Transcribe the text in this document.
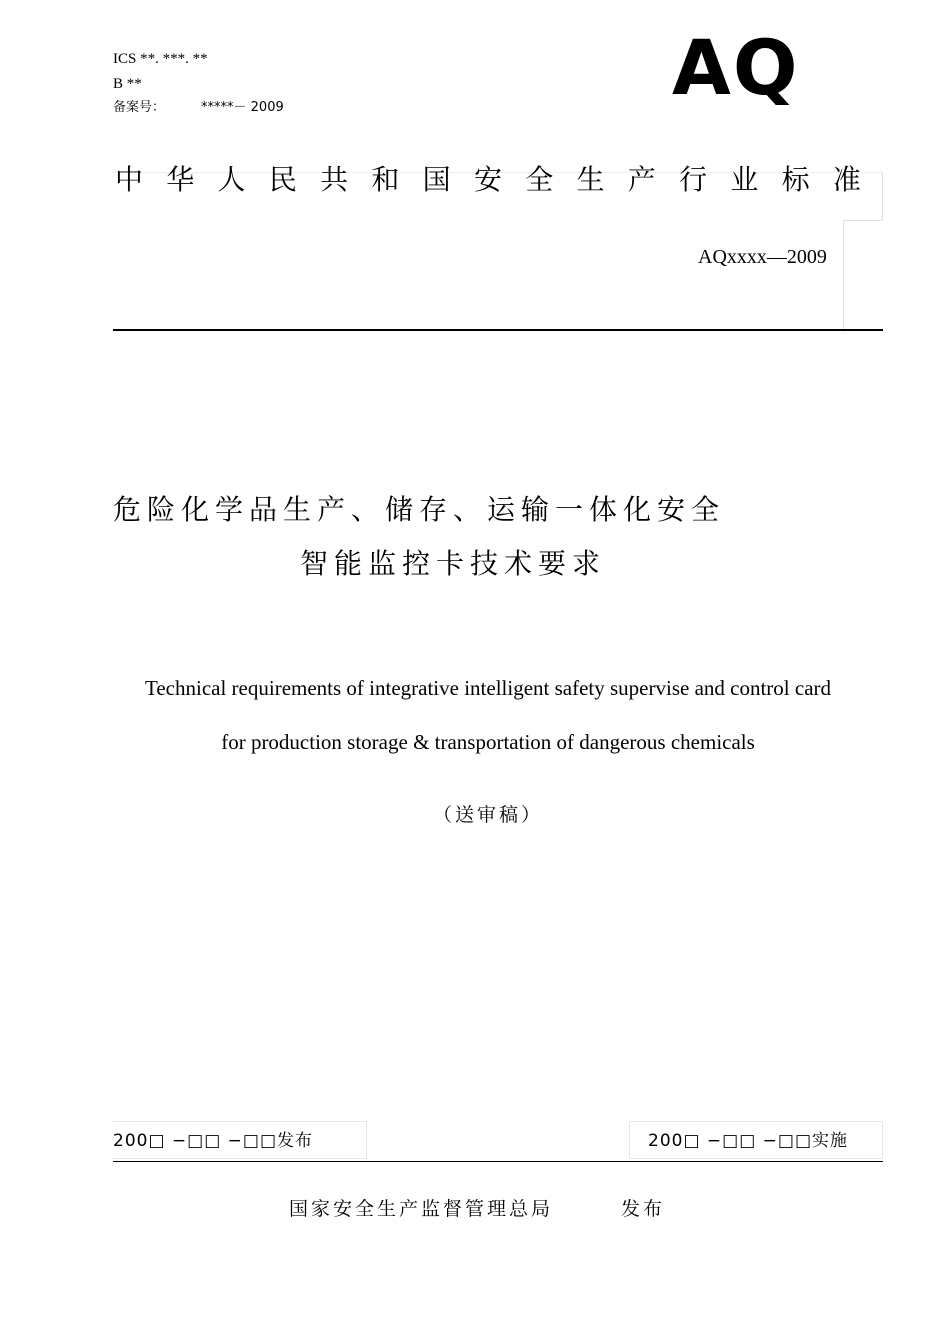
ICS **. ***. **
B **
备案号：	*****－ 2009	AQ
中 华 人 民 共 和 国 安 全 生 产 行 业 标 准
AQxxxx—2009
危险化学品生产、储存、运输一体化安全
智能监控卡技术要求
Technical requirements of integrative intelligent safety supervise and control card
for production storage & transportation of dangerous chemicals
（送审稿）
200□ −□□ −□□发布	200□ −□□ −□□实施
国家安全生产监督管理总局	发布
